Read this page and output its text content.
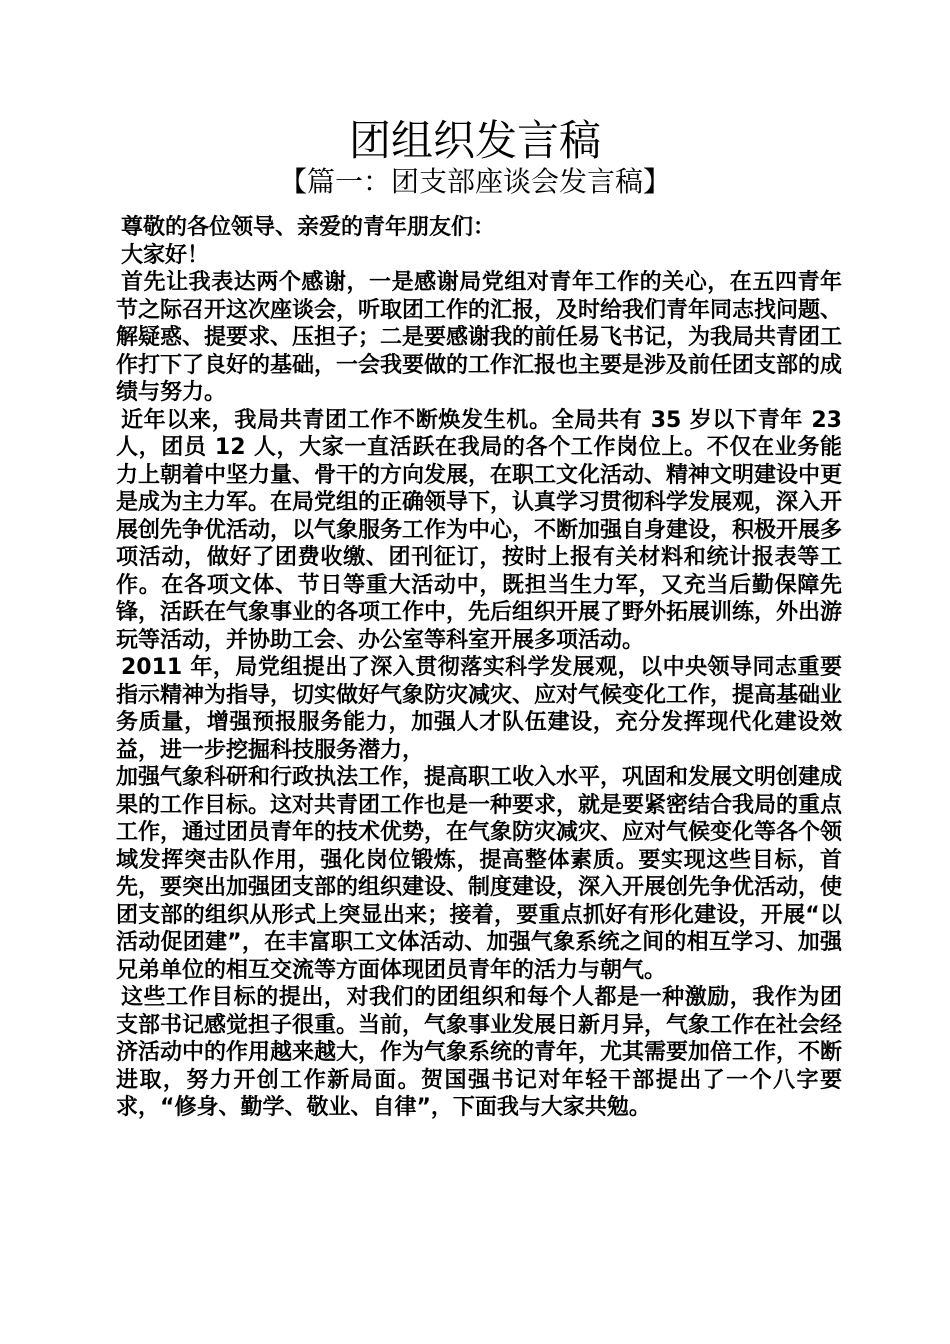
团组织发言稿
【篇一：团支部座谈会发言稿】

尊敬的各位领导、亲爱的青年朋友们：

大家好！

首先让我表达两个感谢，一是感谢局党组对青年工作的关心，在五四青年节之际召开这次座谈会，听取团工作的汇报，及时给我们青年同志找问题、解疑惑、提要求、压担子；二是要感谢我的前任易飞书记，为我局共青团工作打下了良好的基础，一会我要做的工作汇报也主要是涉及前任团支部的成绩与努力。

近年以来，我局共青团工作不断焕发生机。全局共有 35 岁以下青年 23 人，团员 12 人，大家一直活跃在我局的各个工作岗位上。不仅在业务能力上朝着中坚力量、骨干的方向发展，在职工文化活动、精神文明建设中更是成为主力军。在局党组的正确领导下，认真学习贯彻科学发展观，深入开展创先争优活动，以气象服务工作为中心，不断加强自身建设，积极开展多项活动，做好了团费收缴、团刊征订，按时上报有关材料和统计报表等工作。在各项文体、节日等重大活动中，既担当生力军，又充当后勤保障先锋，活跃在气象事业的各项工作中，先后组织开展了野外拓展训练，外出游玩等活动，并协助工会、办公室等科室开展多项活动。

2011 年，局党组提出了深入贯彻落实科学发展观，以中央领导同志重要指示精神为指导，切实做好气象防灾减灾、应对气候变化工作，提高基础业务质量，增强预报服务能力，加强人才队伍建设，充分发挥现代化建设效益，进一步挖掘科技服务潜力，

加强气象科研和行政执法工作，提高职工收入水平，巩固和发展文明创建成果的工作目标。这对共青团工作也是一种要求，就是要紧密结合我局的重点工作，通过团员青年的技术优势，在气象防灾减灾、应对气候变化等各个领域发挥突击队作用，强化岗位锻炼，提高整体素质。要实现这些目标，首先，要突出加强团支部的组织建设、制度建设，深入开展创先争优活动，使团支部的组织从形式上突显出来；接着，要重点抓好有形化建设，开展“以活动促团建”，在丰富职工文体活动、加强气象系统之间的相互学习、加强兄弟单位的相互交流等方面体现团员青年的活力与朝气。

这些工作目标的提出，对我们的团组织和每个人都是一种激励，我作为团支部书记感觉担子很重。当前，气象事业发展日新月异，气象工作在社会经济活动中的作用越来越大，作为气象系统的青年，尤其需要加倍工作，不断进取，努力开创工作新局面。贺国强书记对年轻干部提出了一个八字要求，“修身、勤学、敬业、自律”，下面我与大家共勉。
